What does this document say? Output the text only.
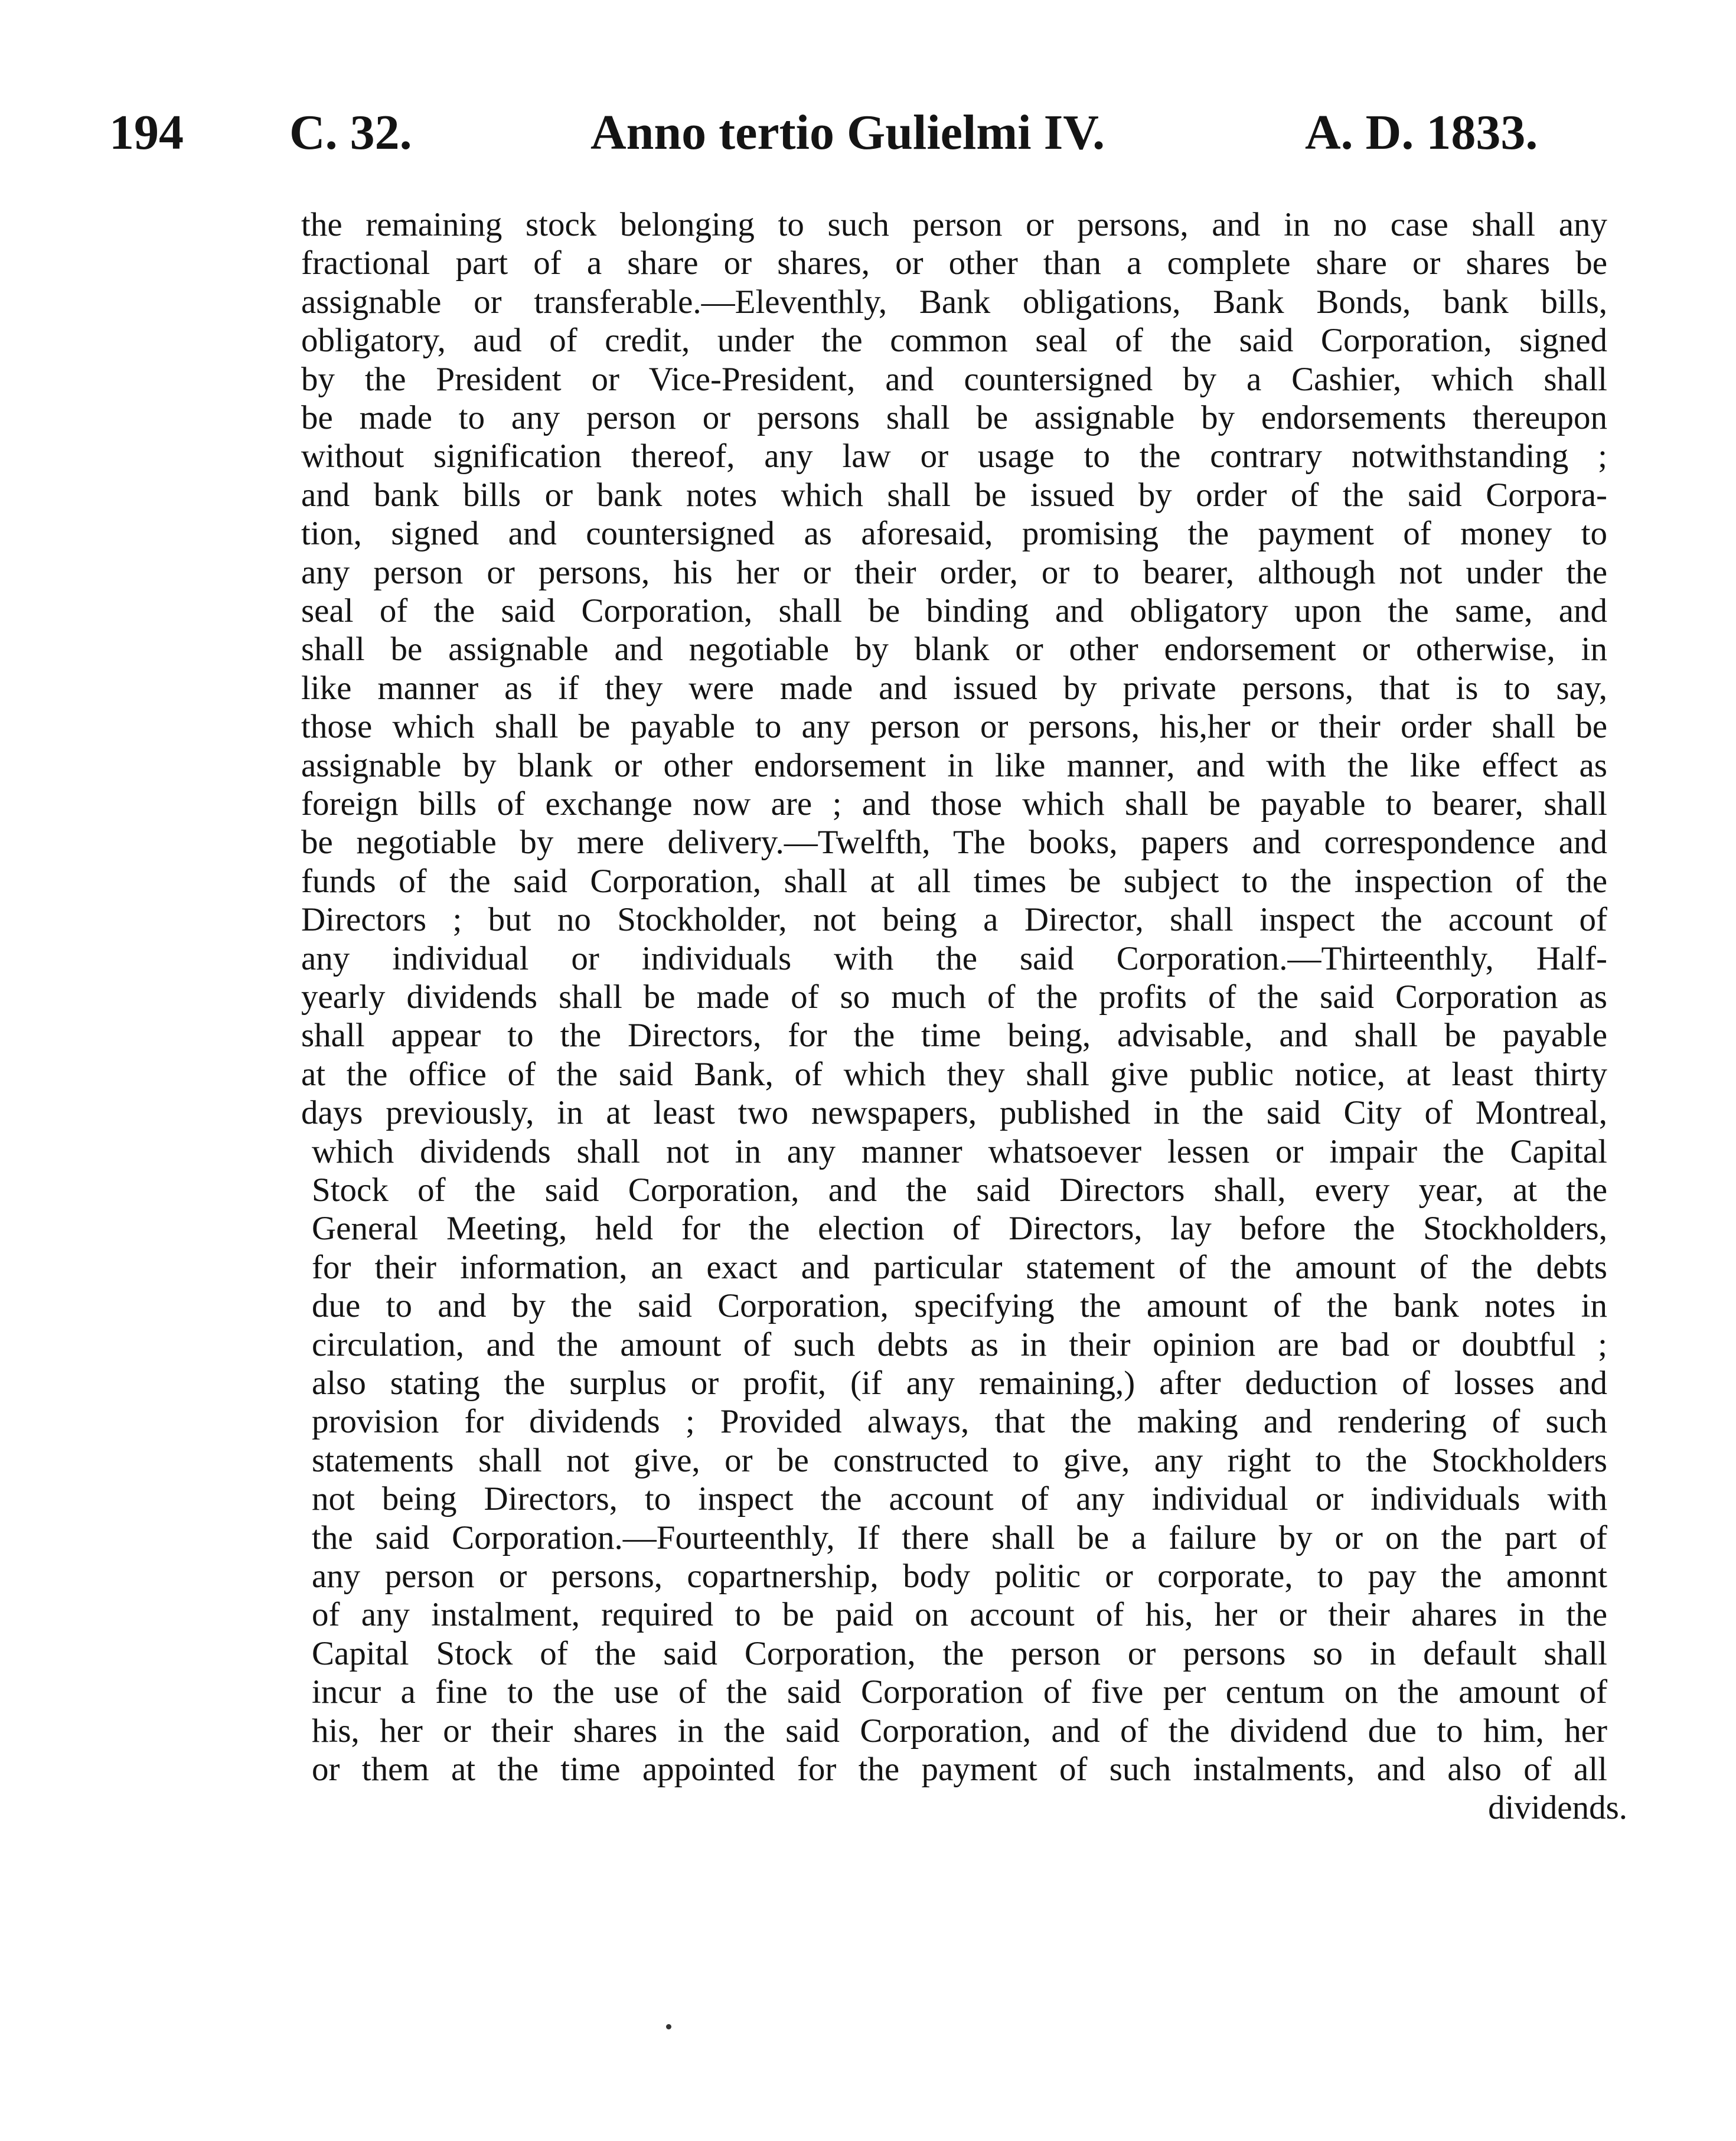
194 C. 32.	Anno tertio Gulielmi IV.	A. D. 1833.
the remaining stock belonging to such person or persons, and in no case shall any
fractional part of a share or shares, or other than a complete share or shares be
assignable or transferable.—Eleventhly, Bank obligations, Bank Bonds, bank bills,
obligatory, aud of credit, under the common seal of the said Corporation, signed
by the President or Vice-President, and countersigned by a Cashier, which shall
be made to any person or persons shall be assignable by endorsements thereupon
without signification thereof, any law or usage to the contrary notwithstanding ;
and bank bills or bank notes which shall be issued by order of the said Corpora-
tion, signed and countersigned as aforesaid, promising the payment of money to
any person or persons, his her or their order, or to bearer, although not under the
seal of the said Corporation, shall be binding and obligatory upon the same, and
shall be assignable and negotiable by blank or other endorsement or otherwise, in
like manner as if they were made and issued by private persons, that is to say,
those which shall be payable to any person or persons, his,her or their order shall be
assignable by blank or other endorsement in like manner, and with the like effect as
foreign bills of exchange now are ; and those which shall be payable to bearer, shall
be negotiable by mere delivery.—Twelfth, The books, papers and correspondence and
funds of the said Corporation, shall at all times be subject to the inspection of the
Directors ; but no Stockholder, not being a Director, shall inspect the account of
any individual or individuals with the said Corporation.—Thirteenthly, Half-
yearly dividends shall be made of so much of the profits of the said Corporation as
shall appear to the Directors, for the time being, advisable, and shall be payable
at the office of the said Bank, of which they shall give public notice, at least thirty
days previously, in at least two newspapers, published in the said City of Montreal,
which dividends shall not in any manner whatsoever lessen or impair the Capital
Stock of the said Corporation, and the said Directors shall, every year, at the
General Meeting, held for the election of Directors, lay before the Stockholders,
for their information, an exact and particular statement of the amount of the debts
due to and by the said Corporation, specifying the amount of the bank notes in
circulation, and the amount of such debts as in their opinion are bad or doubtful ;
also stating the surplus or profit, (if any remaining,) after deduction of losses and
provision for dividends ; Provided always, that the making and rendering of such
statements shall not give, or be constructed to give, any right to the Stockholders
not being Directors, to inspect the account of any individual or individuals with
the said Corporation.—Fourteenthly, If there shall be a failure by or on the part of
any person or persons, copartnership, body politic or corporate, to pay the amonnt
of any instalment, required to be paid on account of his, her or their ahares in the
Capital Stock of the said Corporation, the person or persons so in default shall
incur a fine to the use of the said Corporation of five per centum on the amount of
his, her or their shares in the said Corporation, and of the dividend due to him, her
or them at the time appointed for the payment of such instalments, and also of all
dividends.
